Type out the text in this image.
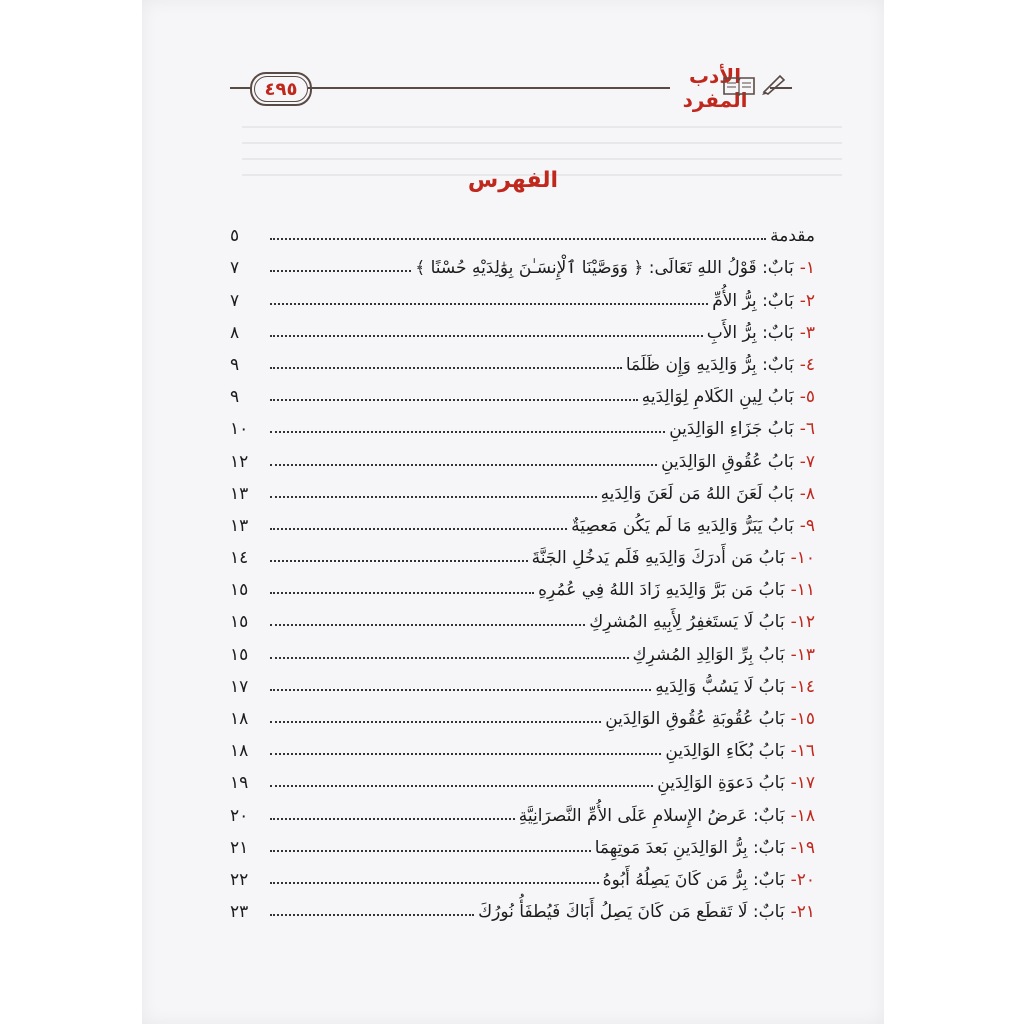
٤٩٥
الأدب المفرد
الفهرس
مقدمة
٥
١
-
بَابٌ: قَوْلُ اللهِ تَعَالَى: ﴿ وَوَصَّيْنَا ٱلْإِنسَـٰنَ بِوَٰلِدَيْهِ حُسْنًا ﴾
٧
٢
-
بَابٌ: بِرُّ الأُمِّ
٧
٣
-
بَابٌ: بِرُّ الأَبِ
٨
٤
-
بَابٌ: بِرُّ وَالِدَيهِ وَإِن ظَلَمَا
٩
٥
-
بَابُ لِينِ الكَلامِ لِوَالِدَيهِ
٩
٦
-
بَابُ جَزَاءِ الوَالِدَينِ
١٠
٧
-
بَابُ عُقُوقِ الوَالِدَينِ
١٢
٨
-
بَابُ لَعَنَ اللهُ مَن لَعَنَ وَالِدَيهِ
١٣
٩
-
بَابُ يَبَرُّ وَالِدَيهِ مَا لَم يَكُن مَعصِيَةٌ
١٣
١٠
-
بَابُ مَن أَدرَكَ وَالِدَيهِ فَلَم يَدخُلِ الجَنَّةَ
١٤
١١
-
بَابُ مَن بَرَّ وَالِدَيهِ زَادَ اللهُ فِي عُمُرِهِ
١٥
١٢
-
بَابُ لَا يَستَغفِرُ لِأَبِيهِ المُشرِكِ
١٥
١٣
-
بَابُ بِرِّ الوَالِدِ المُشرِكِ
١٥
١٤
-
بَابُ لَا يَسُبُّ وَالِدَيهِ
١٧
١٥
-
بَابُ عُقُوبَةِ عُقُوقِ الوَالِدَينِ
١٨
١٦
-
بَابُ بُكَاءِ الوَالِدَينِ
١٨
١٧
-
بَابُ دَعوَةِ الوَالِدَينِ
١٩
١٨
-
بَابٌ: عَرضُ الإِسلامِ عَلَى الأُمِّ النَّصرَانِيَّةِ
٢٠
١٩
-
بَابٌ: بِرُّ الوَالِدَينِ بَعدَ مَوتِهِمَا
٢١
٢٠
-
بَابٌ: بِرُّ مَن كَانَ يَصِلُهُ أَبُوهُ
٢٢
٢١
-
بَابٌ: لَا تَقطَع مَن كَانَ يَصِلُ أَبَاكَ فَيُطفَأُ نُورُكَ
٢٣
